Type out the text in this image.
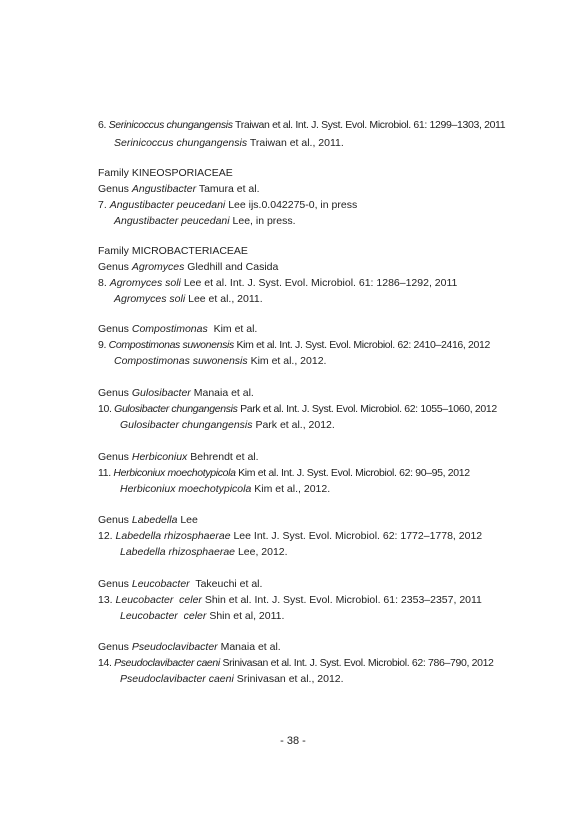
6. Serinicoccus chungangensis Traiwan et al. Int. J. Syst. Evol. Microbiol. 61: 1299–1303, 2011
Serinicoccus chungangensis Traiwan et al., 2011.
Family KINEOSPORIACEAE
Genus Angustibacter Tamura et al.
7. Angustibacter peucedani Lee ijs.0.042275-0, in press
Angustibacter peucedani Lee, in press.
Family MICROBACTERIACEAE
Genus Agromyces Gledhill and Casida
8. Agromyces soli Lee et al. Int. J. Syst. Evol. Microbiol. 61: 1286–1292, 2011
Agromyces soli Lee et al., 2011.
Genus Compostimonas Kim et al.
9. Compostimonas suwonensis Kim et al. Int. J. Syst. Evol. Microbiol. 62: 2410–2416, 2012
Compostimonas suwonensis Kim et al., 2012.
Genus Gulosibacter Manaia et al.
10. Gulosibacter chungangensis Park et al. Int. J. Syst. Evol. Microbiol. 62: 1055–1060, 2012
Gulosibacter chungangensis Park et al., 2012.
Genus Herbiconiux Behrendt et al.
11. Herbiconiux moechotypicola Kim et al. Int. J. Syst. Evol. Microbiol. 62: 90–95, 2012
Herbiconiux moechotypicola Kim et al., 2012.
Genus Labedella Lee
12. Labedella rhizosphaerae Lee Int. J. Syst. Evol. Microbiol. 62: 1772–1778, 2012
Labedella rhizosphaerae Lee, 2012.
Genus Leucobacter Takeuchi et al.
13. Leucobacter  celer Shin et al. Int. J. Syst. Evol. Microbiol. 61: 2353–2357, 2011
Leucobacter  celer Shin et al, 2011.
Genus Pseudoclavibacter Manaia et al.
14. Pseudoclavibacter caeni Srinivasan et al. Int. J. Syst. Evol. Microbiol. 62: 786–790, 2012
Pseudoclavibacter caeni Srinivasan et al., 2012.
- 38 -
